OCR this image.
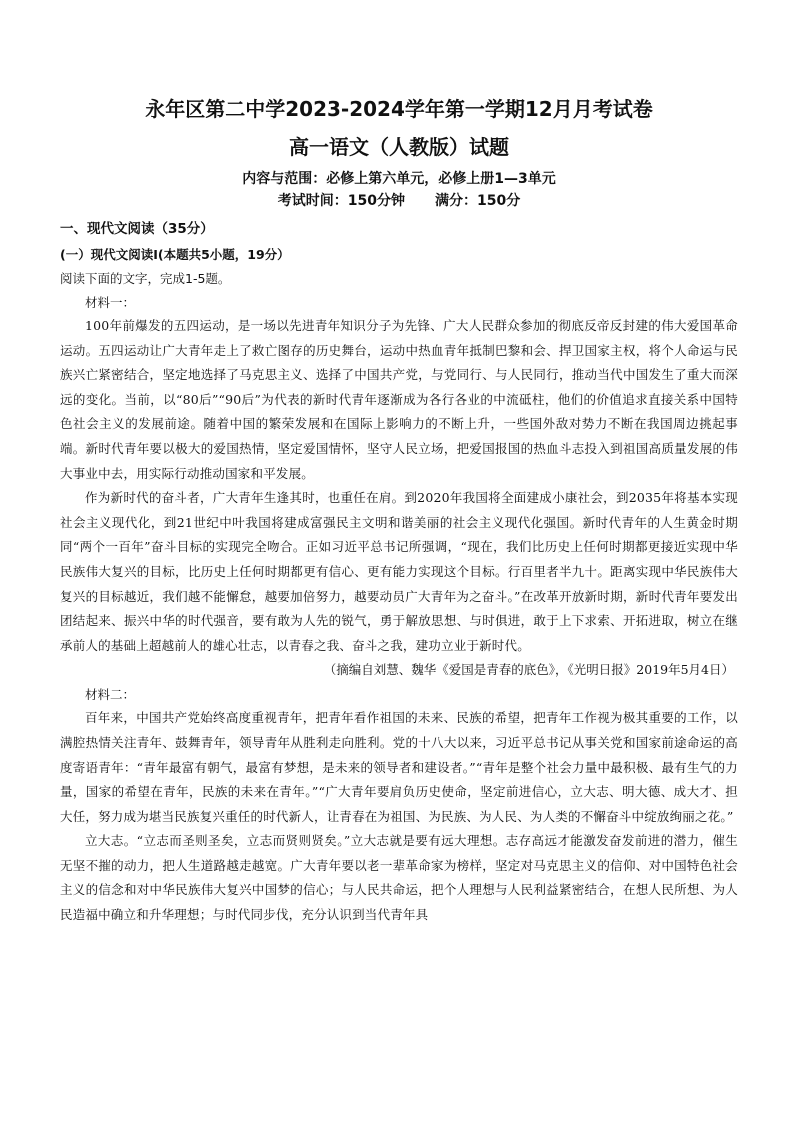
永年区第二中学2023-2024学年第一学期12月月考试卷

高一语文（人教版）试题

内容与范围：必修上第六单元，必修上册1—3单元

考试时间：150分钟 满分：150分

一、现代文阅读（35分）

(一）现代文阅读Ⅰ(本题共5小题，19分）

阅读下面的文字，完成1-5题。

材料一：

100年前爆发的五四运动，是一场以先进青年知识分子为先锋、广大人民群众参加的彻底反帝反封建的伟大爱国革命运动。五四运动让广大青年走上了救亡图存的历史舞台，运动中热血青年抵制巴黎和会、捍卫国家主权，将个人命运与民族兴亡紧密结合，坚定地选择了马克思主义、选择了中国共产党，与党同行、与人民同行，推动当代中国发生了重大而深远的变化。当前，以“80后”“90后”为代表的新时代青年逐渐成为各行各业的中流砥柱，他们的价值追求直接关系中国特色社会主义的发展前途。随着中国的繁荣发展和在国际上影响力的不断上升，一些国外敌对势力不断在我国周边挑起事端。新时代青年要以极大的爱国热情，坚定爱国情怀，坚守人民立场，把爱国报国的热血斗志投入到祖国高质量发展的伟大事业中去，用实际行动推动国家和平发展。

作为新时代的奋斗者，广大青年生逢其时，也重任在肩。到2020年我国将全面建成小康社会，到2035年将基本实现社会主义现代化，到21世纪中叶我国将建成富强民主文明和谐美丽的社会主义现代化强国。新时代青年的人生黄金时期同“两个一百年”奋斗目标的实现完全吻合。正如习近平总书记所强调，“现在，我们比历史上任何时期都更接近实现中华民族伟大复兴的目标，比历史上任何时期都更有信心、更有能力实现这个目标。行百里者半九十。距离实现中华民族伟大复兴的目标越近，我们越不能懈怠，越要加倍努力，越要动员广大青年为之奋斗。”在改革开放新时期，新时代青年要发出团结起来、振兴中华的时代强音，要有敢为人先的锐气，勇于解放思想、与时俱进，敢于上下求索、开拓进取，树立在继承前人的基础上超越前人的雄心壮志，以青春之我、奋斗之我，建功立业于新时代。

（摘编自刘慧、魏华《爱国是青春的底色》，《光明日报》2019年5月4日）

材料二：

百年来，中国共产党始终高度重视青年，把青年看作祖国的未来、民族的希望，把青年工作视为极其重要的工作，以满腔热情关注青年、鼓舞青年，领导青年从胜利走向胜利。党的十八大以来，习近平总书记从事关党和国家前途命运的高度寄语青年：“青年最富有朝气，最富有梦想，是未来的领导者和建设者。”“青年是整个社会力量中最积极、最有生气的力量，国家的希望在青年，民族的未来在青年。”“广大青年要肩负历史使命，坚定前进信心，立大志、明大德、成大才、担大任，努力成为堪当民族复兴重任的时代新人，让青春在为祖国、为民族、为人民、为人类的不懈奋斗中绽放绚丽之花。”

立大志。“立志而圣则圣矣，立志而贤则贤矣。”立大志就是要有远大理想。志存高远才能激发奋发前进的潜力，催生无坚不摧的动力，把人生道路越走越宽。广大青年要以老一辈革命家为榜样，坚定对马克思主义的信仰、对中国特色社会主义的信念和对中华民族伟大复兴中国梦的信心；与人民共命运，把个人理想与人民利益紧密结合，在想人民所想、为人民造福中确立和升华理想；与时代同步伐，充分认识到当代青年具
